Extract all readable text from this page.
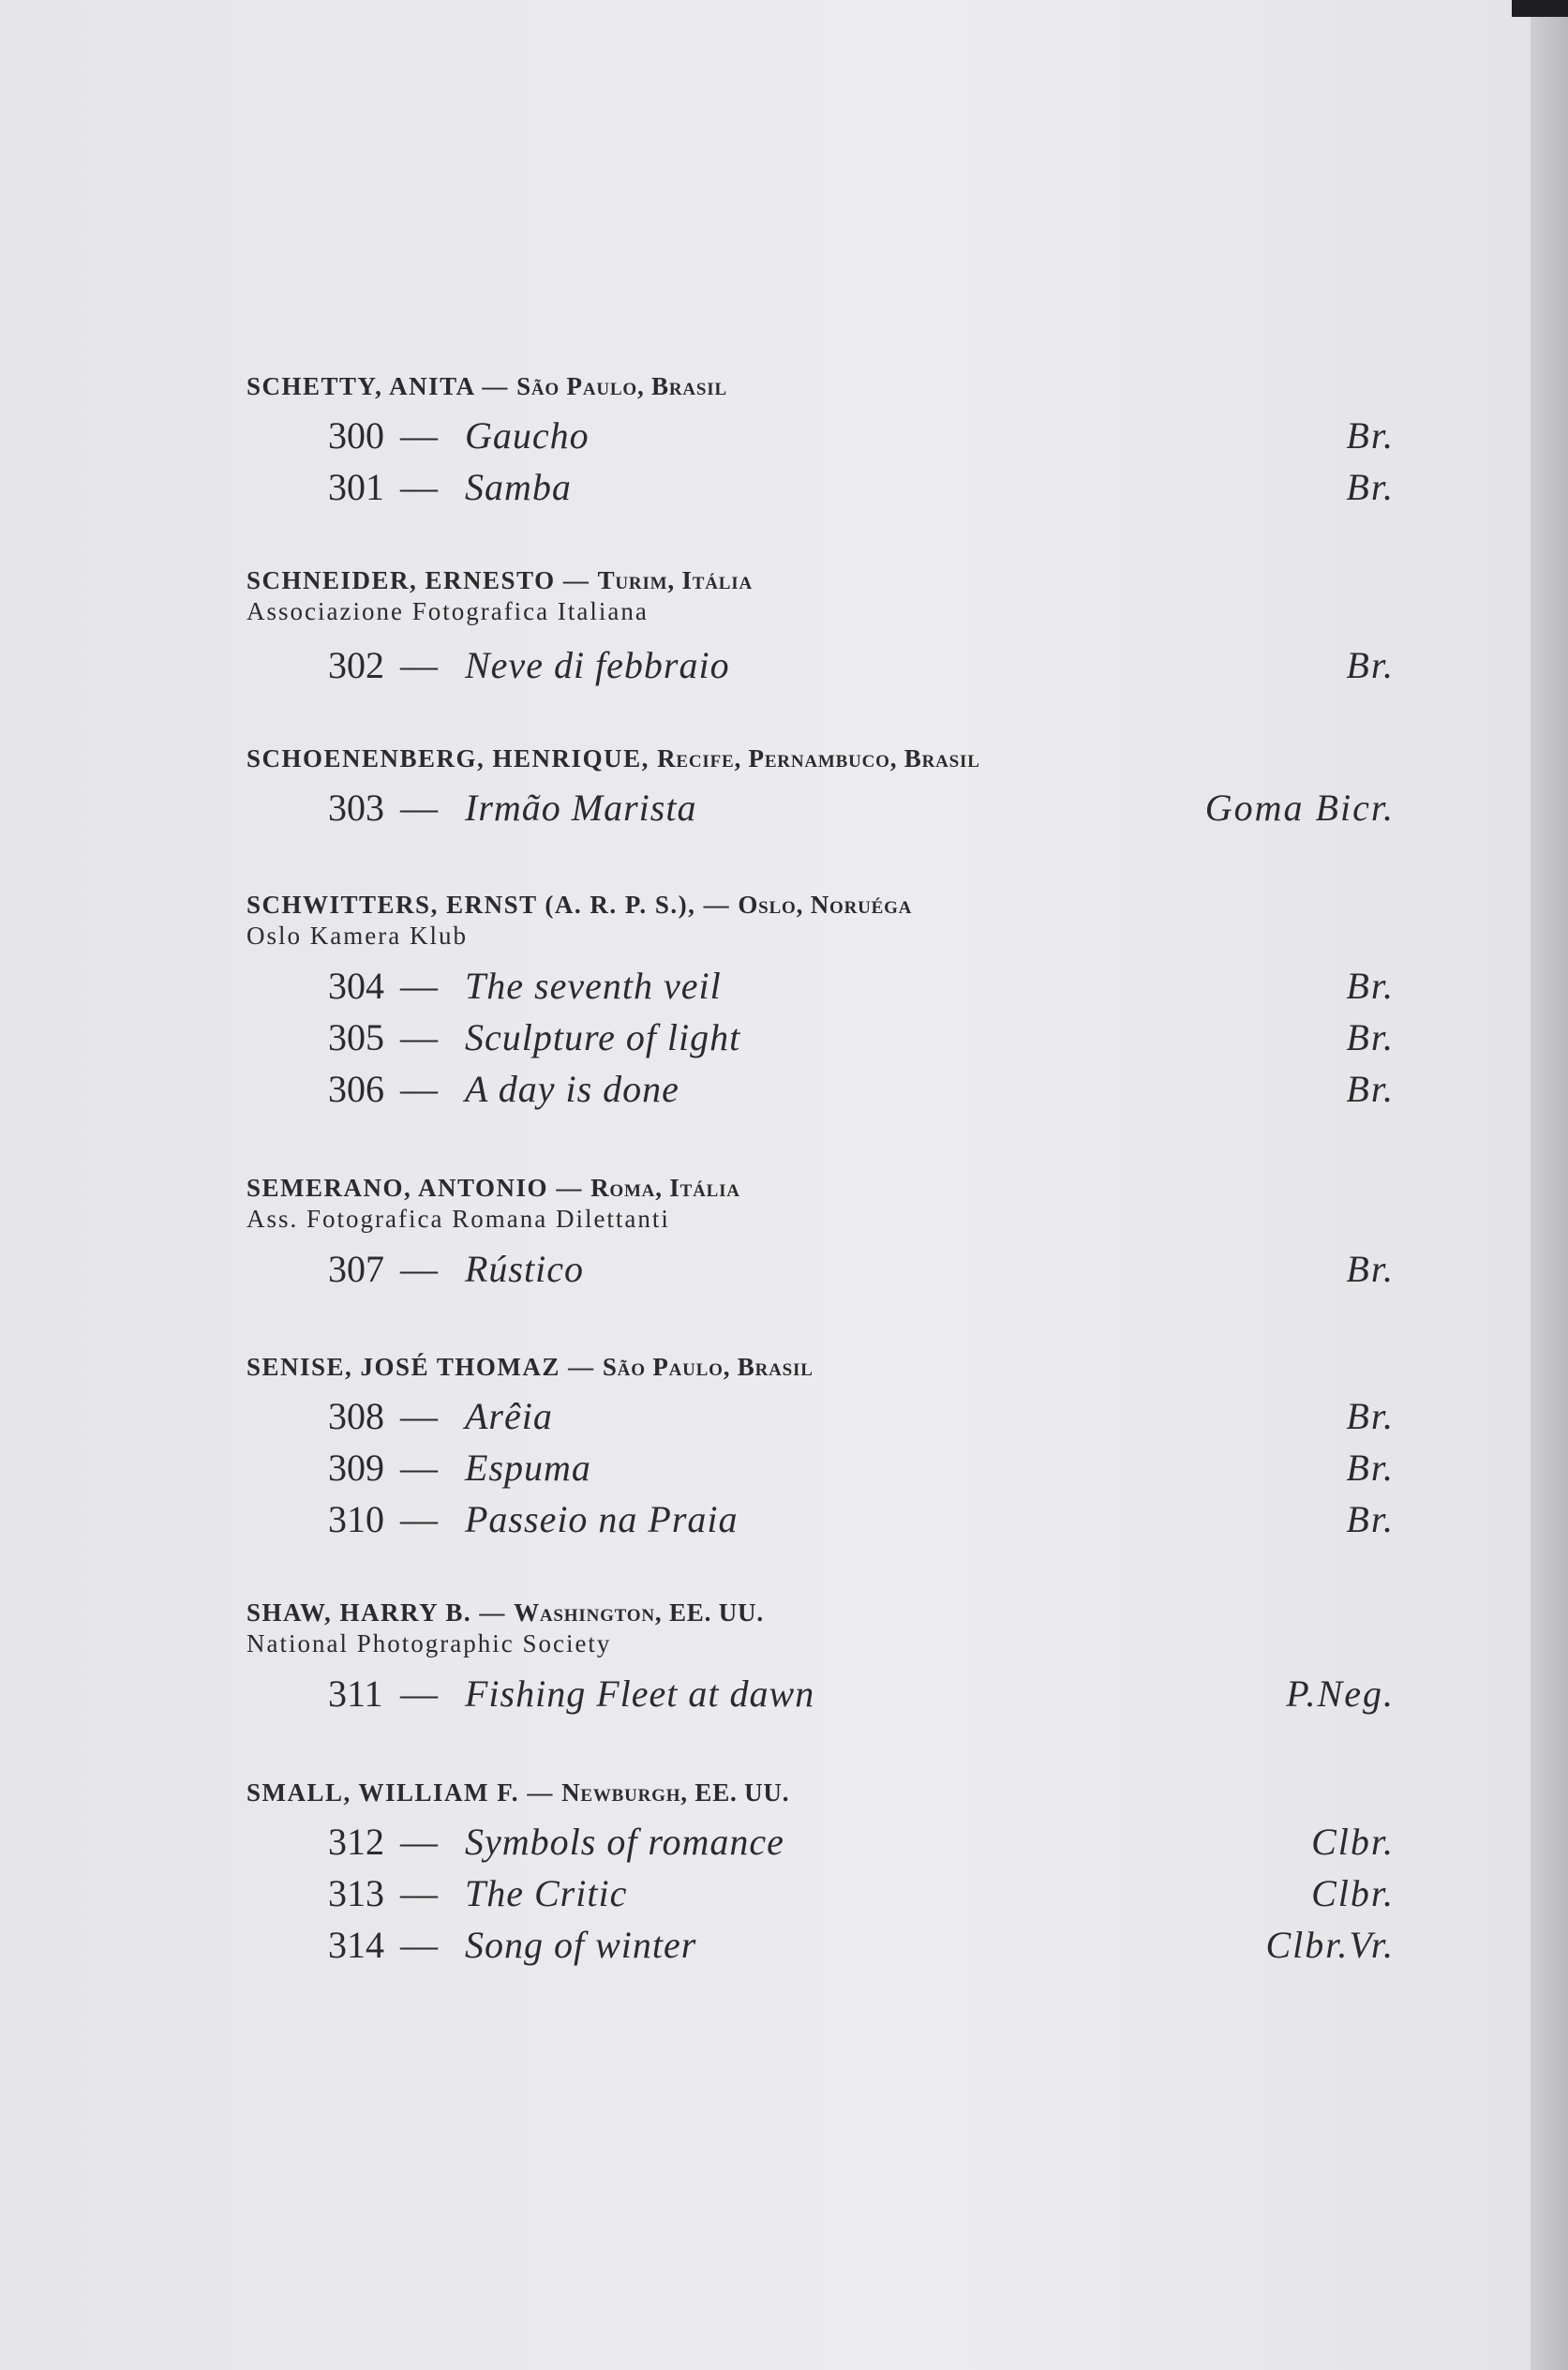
SCHETTY, ANITA — São Paulo, Brasil
300 — Gaucho	Br.
301 — Samba	Br.
SCHNEIDER, ERNESTO — Turim, Itália
Associazione Fotografica Italiana
302 — Neve di febbraio	Br.
SCHOENENBERG, HENRIQUE, Recife, Pernambuco, Brasil
303 — Irmão Marista	Goma Bicr.
SCHWITTERS, ERNST (A. R. P. S.), — Oslo, Noruéga
Oslo Kamera Klub
304 — The seventh veil	Br.
305 — Sculpture of light	Br.
306 — A day is done	Br.
SEMERANO, ANTONIO — Roma, Itália
Ass. Fotografica Romana Dilettanti
307 — Rústico	Br.
SENISE, JOSÉ THOMAZ — São Paulo, Brasil
308 — Arêia	Br.
309 — Espuma	Br.
310 — Passeio na Praia	Br.
SHAW, HARRY B. — Washington, EE. UU.
National Photographic Society
311 — Fishing Fleet at dawn	P.Neg.
SMALL, WILLIAM F. — Newburgh, EE. UU.
312 — Symbols of romance	Clbr.
313 — The Critic	Clbr.
314 — Song of winter	Clbr.Vr.
